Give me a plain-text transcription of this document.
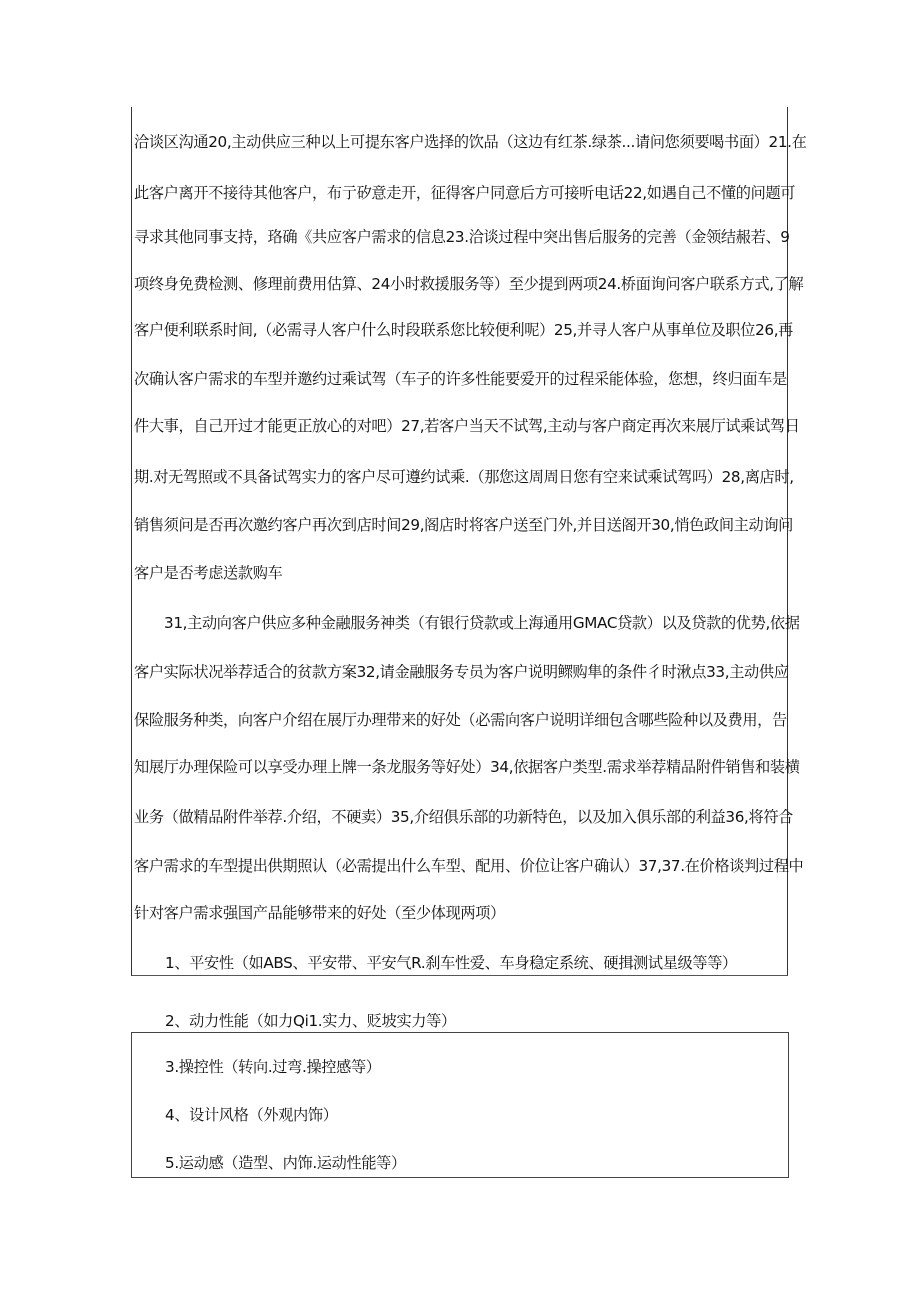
洽谈区沟通20,主动供应三种以上可提东客户选择的饮品（这边有红茶.绿茶...请问您须要喝书面）21.在
此客户离开不接待其他客户，布亍矽意走开，征得客户同意后方可接听电话22,如遇自己不懂的问题可
寻求其他同事支持，珞确《共应客户需求的信息23.洽谈过程中突出售后服务的完善（金领结赧若、9
项终身免费检测、修理前费用估算、24小时救援服务等）至少提到两项24.桥面询问客户联系方式,了解
客户便利联系时间,（必需寻人客户什么时段联系您比较便利呢）25,并寻人客户从事单位及职位26,再
次确认客户需求的车型并邀约过乘试驾（车子的许多性能要爱开的过程采能体验，您想，终归面车是
件大事，自己开过才能更正放心的对吧）27,若客户当天不试驾,主动与客户商定再次来展厅试乘试驾日
期.对无驾照或不具备试驾实力的客户尽可遵约试乘.（那您这周周日您有空来试乘试驾吗）28,离店时,
销售须问是否再次邀约客户再次到店时间29,阁店时将客户送至门外,并目送阁开30,悄色政间主动询问
客户是否考虑送款购车
31,主动向客户供应多种金融服务神类（有银行贷款或上海通用GMAC贷款）以及贷款的优势,依据
客户实际状况举荐适合的贫款方案32,请金融服务专员为客户说明鳏购隼的条件彳时湫点33,主动供应
保险服务种类，向客户介绍在展厅办理带来的好处（必需向客户说明详细包含哪些险种以及费用，告
知展厅办理保险可以享受办理上牌一条龙服务等好处）34,依据客户类型.需求举荐精品附件销售和装横
业务（做精品附件举荐.介绍，不硬卖）35,介绍俱乐部的功新特色，以及加入俱乐部的利益36,将符合
客户需求的车型提出供期照认（必需提出什么车型、配用、价位让客户确认）37,37.在价格谈判过程中
针对客户需求强国产品能够带来的好处（至少体现两项）
1、平安性（如ABS、平安带、平安气R.刹车性爱、车身稳定系统、硬揖测试星级等等）
2、动力性能（如力Qi1.实力、贬坡实力等）
3.操控性（转向.过弯.操控感等）
4、设计风格（外观内饰）
5.运动感（造型、内饰.运动性能等）
